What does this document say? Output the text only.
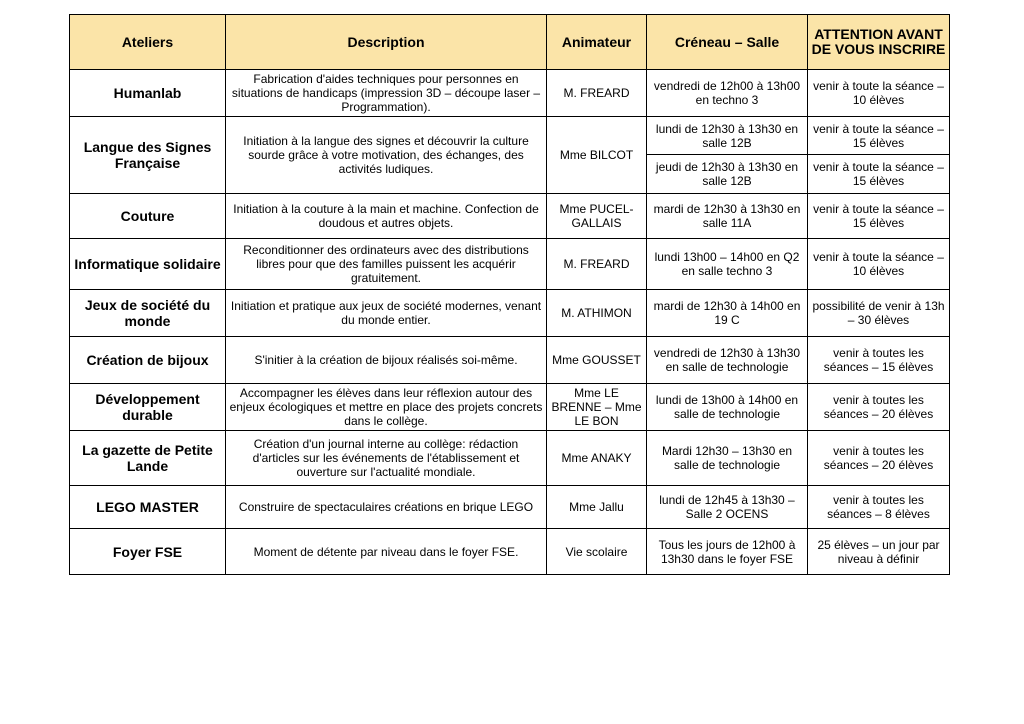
Ateliers	Description	Animateur	Créneau – Salle	ATTENTION AVANT DE VOUS INSCRIRE
Humanlab	Fabrication d'aides techniques pour personnes en situations de handicaps (impression 3D – découpe laser – Programmation).	M. FREARD	vendredi de 12h00 à 13h00 en techno 3	venir à toute la séance – 10 élèves
Langue des Signes Française	Initiation à la langue des signes et découvrir la culture sourde grâce à votre motivation, des échanges, des activités ludiques.	Mme BILCOT	lundi de 12h30 à 13h30 en salle 12B	venir à toute la séance – 15 élèves
			jeudi de 12h30 à 13h30 en salle 12B	venir à toute la séance – 15 élèves
Couture	Initiation à la couture à la main et machine. Confection de doudous et autres objets.	Mme PUCEL-GALLAIS	mardi de 12h30 à 13h30 en salle 11A	venir à toute la séance – 15 élèves
Informatique solidaire	Reconditionner des ordinateurs avec des distributions libres pour que des familles puissent les acquérir gratuitement.	M. FREARD	lundi 13h00 – 14h00 en Q2 en salle techno 3	venir à toute la séance – 10 élèves
Jeux de société du monde	Initiation et pratique aux jeux de société modernes, venant du monde entier.	M. ATHIMON	mardi de 12h30 à 14h00 en 19 C	possibilité de venir à 13h – 30 élèves
Création de bijoux	S'initier à la création de bijoux réalisés soi-même.	Mme GOUSSET	vendredi de 12h30 à 13h30 en salle de technologie	venir à toutes les séances – 15 élèves
Développement durable	Accompagner les élèves dans leur réflexion autour des enjeux écologiques et mettre en place des projets concrets dans le collège.	Mme LE BRENNE – Mme LE BON	lundi de 13h00 à 14h00 en salle de technologie	venir à toutes les séances – 20 élèves
La gazette de Petite Lande	Création d'un journal interne au collège: rédaction d'articles sur les événements de l'établissement et ouverture sur l'actualité mondiale.	Mme ANAKY	Mardi 12h30 – 13h30 en salle de technologie	venir à toutes les séances – 20 élèves
LEGO MASTER	Construire de spectaculaires créations en brique LEGO	Mme Jallu	lundi de 12h45 à 13h30 – Salle 2 OCENS	venir à toutes les séances – 8 élèves
Foyer FSE	Moment de détente par niveau dans le foyer FSE.	Vie scolaire	Tous les jours de 12h00 à 13h30 dans le foyer FSE	25 élèves – un jour par niveau à définir
